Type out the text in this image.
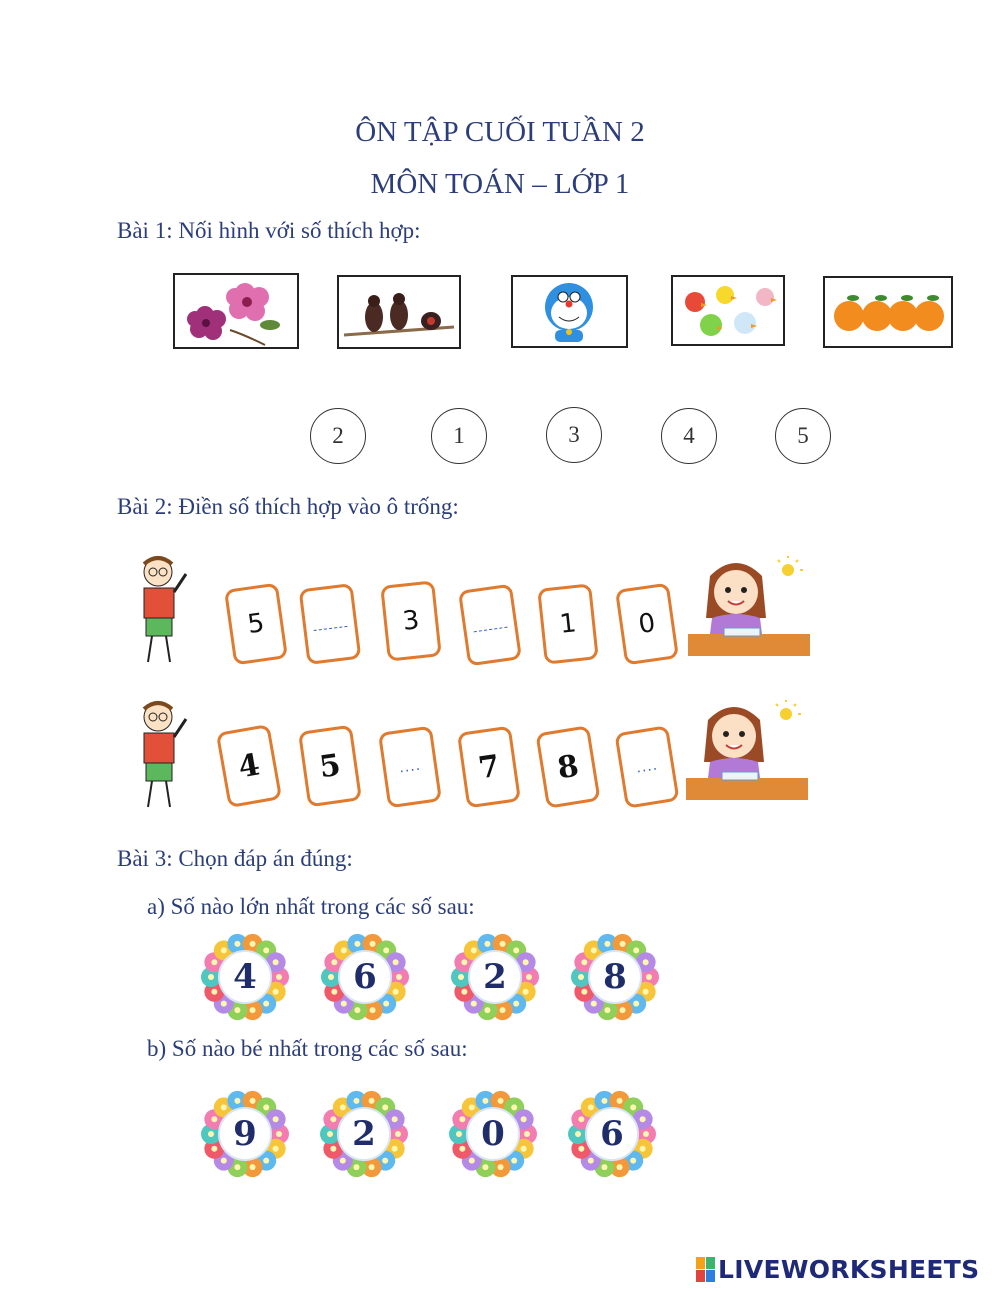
ÔN TẬP CUỐI TUẦN 2
MÔN TOÁN – LỚP 1
Bài 1: Nối hình với số thích hợp:
2	1	3	4	5
Bài 2: Điền số thích hợp vào ô trống:
5	3	1	0
4	5	....	7	8	....
Bài 3: Chọn đáp án đúng:
a) Số nào lớn nhất trong các số sau:
4	6	2	8
b) Số nào bé nhất trong các số sau:
9	2	0	6
LIVEWORKSHEETS
